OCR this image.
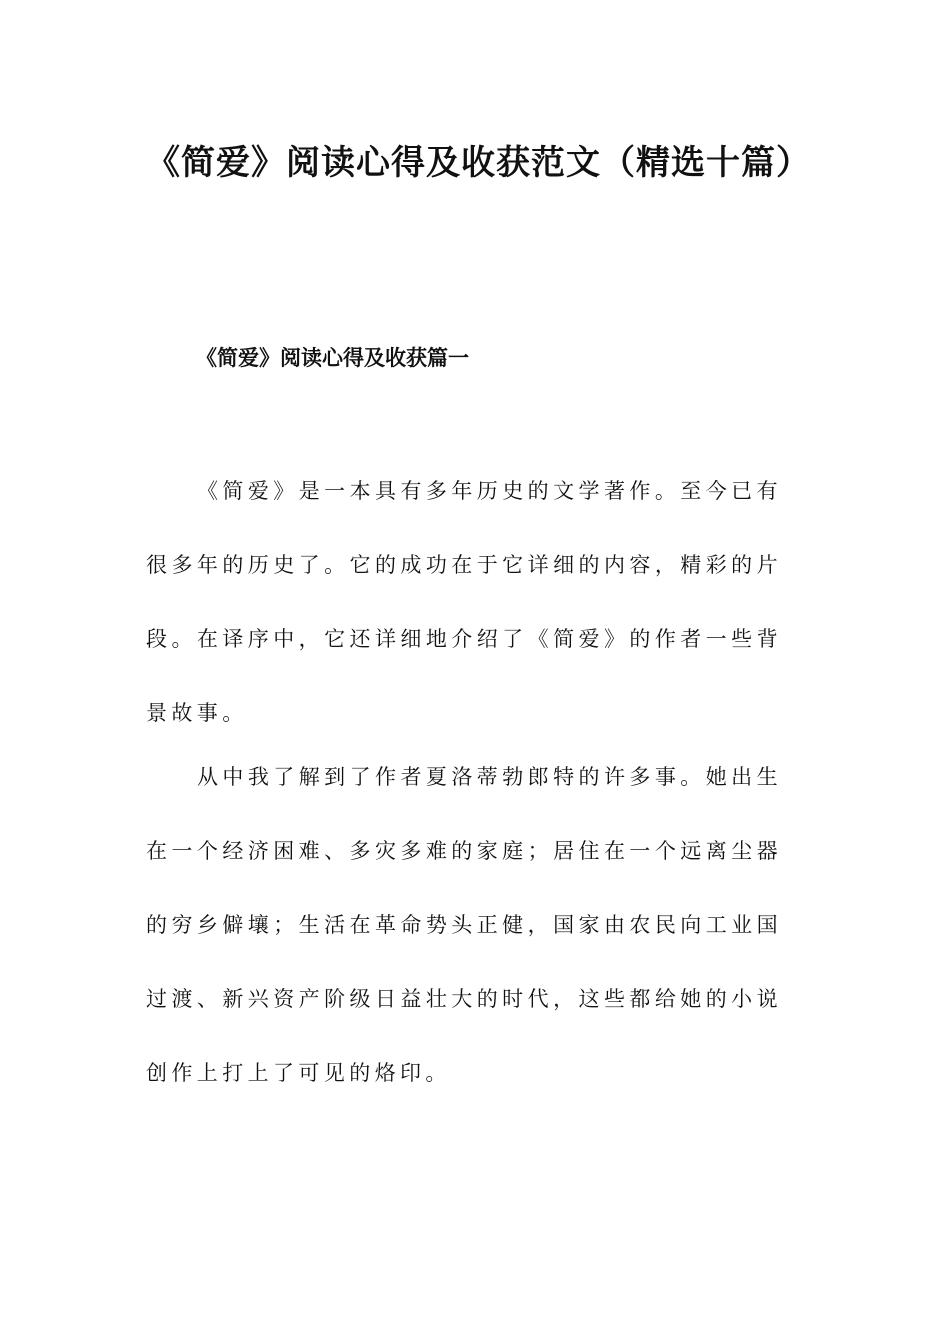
《简爱》阅读心得及收获范文（精选十篇）
《简爱》阅读心得及收获篇一

《简爱》是一本具有多年历史的文学著作。至今已有很多年的历史了。它的成功在于它详细的内容，精彩的片段。在译序中，它还详细地介绍了《简爱》的作者一些背景故事。

从中我了解到了作者夏洛蒂勃郎特的许多事。她出生在一个经济困难、多灾多难的家庭；居住在一个远离尘器的穷乡僻壤；生活在革命势头正健，国家由农民向工业国过渡、新兴资产阶级日益壮大的时代，这些都给她的小说创作上打上了可见的烙印。
